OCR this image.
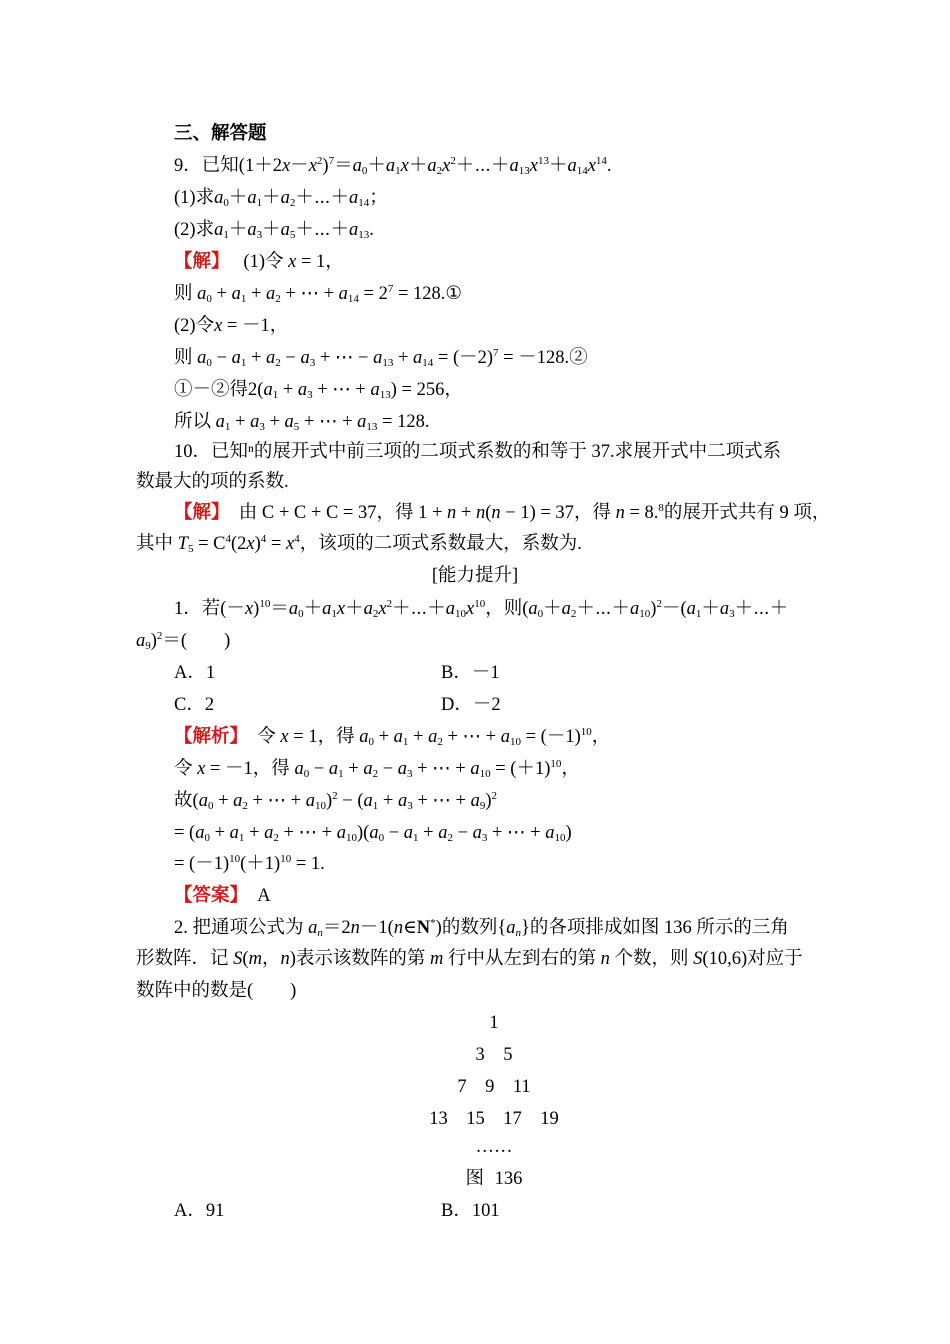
三、解答题
9．已知$(1+2x-x^2)^7=a_0+a_1x+a_2x^2+\cdots+a_{13}x^{13}+a_{14}x^{14}$.
(1)求$a_0+a_1+a_2+\cdots+a_{14}$；
(2)求$a_1+a_3+a_5+\cdots+a_{13}$.
【解】　 (1)令 x = 1，
则 $a_0 + a_1 + a_2$ + ⋯ + $a_{14} = 2^7$ = 128.①
(2)令x = －1，
则 $a_0 - a_1 + a_2 - a_3$ + ⋯ − $a_{13} + a_{14} = (-2)^7$ = －128.②
①－②得$2(a_1 + a_3$ + ⋯ + $a_{13}) = 256$，
所以 $a_1 + a_3 + a_5$ + ⋯ + $a_{13} = 128$.
10．已知ⁿ的展开式中前三项的二项式系数的和等于 37.求展开式中二项式系
数最大的项的系数.
【解】　 由 C + C + C = 37，得 1 + n + n(n − 1) = 37，得 n = 8.$^8$的展开式共有 9 项，
其中 $T_5 = C^4(2x)^4 = x^4$，该项的二项式系数最大，系数为.
[能力提升]
1．若$(-x)^{10}=a_0+a_1x+a_2x^2+\cdots+a_{10}x^{10}$，则$(a_0+a_2+\cdots+a_{10})^2-(a_1+a_3+\cdots+$
$a_9)^2=$(　　)
A．1	B．－1
C．2	D．－2
【解析】　 令 x = 1，得 $a_0 + a_1 + a_2$ + ⋯ + $a_{10} = (-1)^{10}$，
令 x = －1，得 $a_0 - a_1 + a_2 - a_3$ + ⋯ + $a_{10} = (+1)^{10}$，
故($a_0 + a_2$ + ⋯ + $a_{10})^2 - (a_1 + a_3$ + ⋯ + $a_9)^2$
= ($a_0 + a_1 + a_2$ + ⋯ + $a_{10})(a_0 - a_1 + a_2 - a_3$ + ⋯ + $a_{10}$)
= $(-1)^{10}(+1)^{10} = 1$.
【答案】　 A
2. 把通项公式为 $a_n=2n-1(n\in N^*)$的数列$\{a_n\}$的各项排成如图 136 所示的三角
形数阵．记 S(m，n)表示该数阵的第 m 行中从左到右的第 n 个数，则 S(10,6)对应于
数阵中的数是(　　)
1
3　5
7　9　11
13　15　17　19
……
图 136
A．91	B．101
